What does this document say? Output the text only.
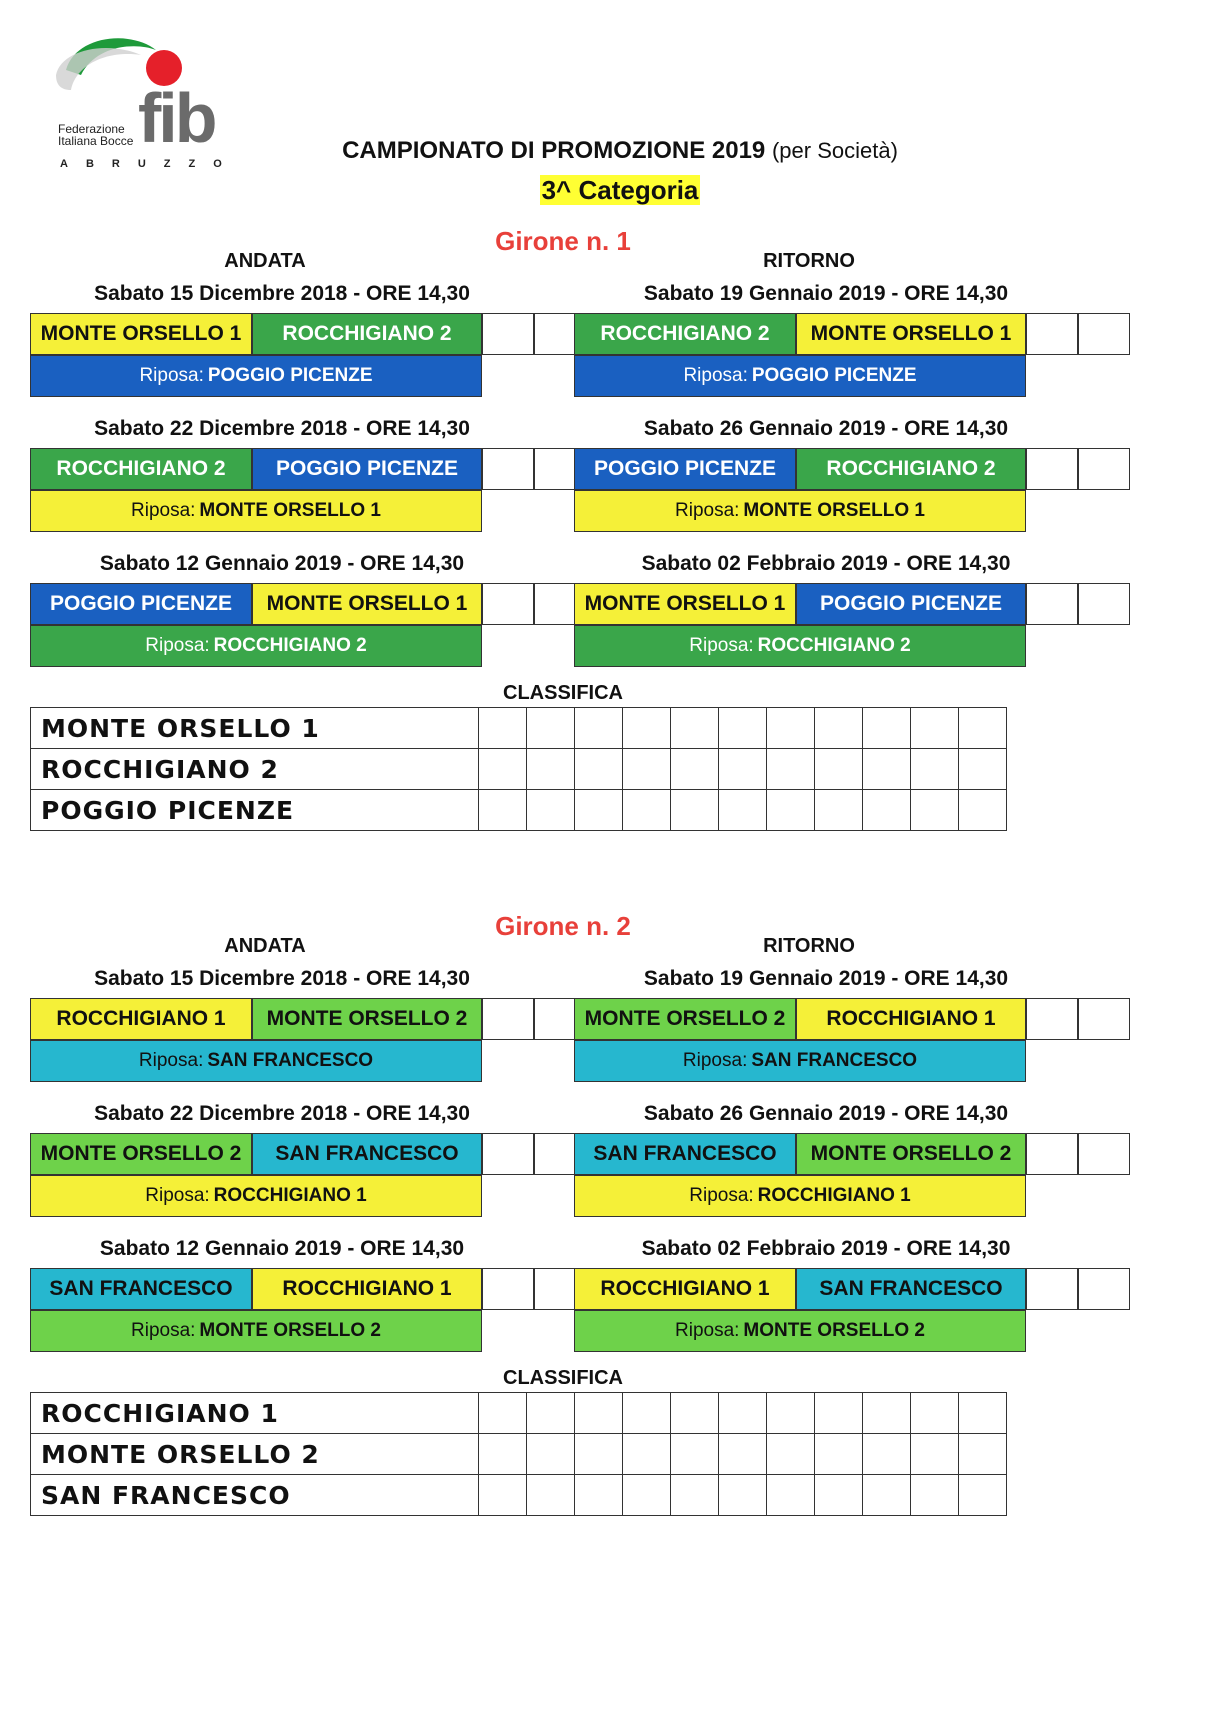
Federazione
Italiana Bocce fib
ABRUZZO	CAMPIONATO DI PROMOZIONE 2019 (per Società)
3^ Categoria
Girone n. 1
ANDATA
Sabato 15 Dicembre 2018 - ORE 14,30
MONTE ORSELLO 1	ROCCHIGIANO 2
Riposa: POGGIO PICENZE
Sabato 22 Dicembre 2018 - ORE 14,30
ROCCHIGIANO 2	POGGIO PICENZE
Riposa: MONTE ORSELLO 1
Sabato 12 Gennaio 2019 - ORE 14,30
POGGIO PICENZE	MONTE ORSELLO 1
Riposa: ROCCHIGIANO 2
RITORNO
Sabato 19 Gennaio 2019 - ORE 14,30
ROCCHIGIANO 2	MONTE ORSELLO 1
Riposa: POGGIO PICENZE
Sabato 26 Gennaio 2019 - ORE 14,30
POGGIO PICENZE	ROCCHIGIANO 2
Riposa: MONTE ORSELLO 1
Sabato 02 Febbraio 2019 - ORE 14,30
MONTE ORSELLO 1	POGGIO PICENZE
Riposa: ROCCHIGIANO 2
CLASSIFICA
MONTE ORSELLO 1											
ROCCHIGIANO 2											
POGGIO PICENZE											
Girone n. 2
ANDATA
Sabato 15 Dicembre 2018 - ORE 14,30
ROCCHIGIANO 1	MONTE ORSELLO 2
Riposa: SAN FRANCESCO
Sabato 22 Dicembre 2018 - ORE 14,30
MONTE ORSELLO 2	SAN FRANCESCO
Riposa: ROCCHIGIANO 1
Sabato 12 Gennaio 2019 - ORE 14,30
SAN FRANCESCO	ROCCHIGIANO 1
Riposa: MONTE ORSELLO 2
RITORNO
Sabato 19 Gennaio 2019 - ORE 14,30
MONTE ORSELLO 2	ROCCHIGIANO 1
Riposa: SAN FRANCESCO
Sabato 26 Gennaio 2019 - ORE 14,30
SAN FRANCESCO	MONTE ORSELLO 2
Riposa: ROCCHIGIANO 1
Sabato 02 Febbraio 2019 - ORE 14,30
ROCCHIGIANO 1	SAN FRANCESCO
Riposa: MONTE ORSELLO 2
CLASSIFICA
ROCCHIGIANO 1											
MONTE ORSELLO 2											
SAN FRANCESCO											
